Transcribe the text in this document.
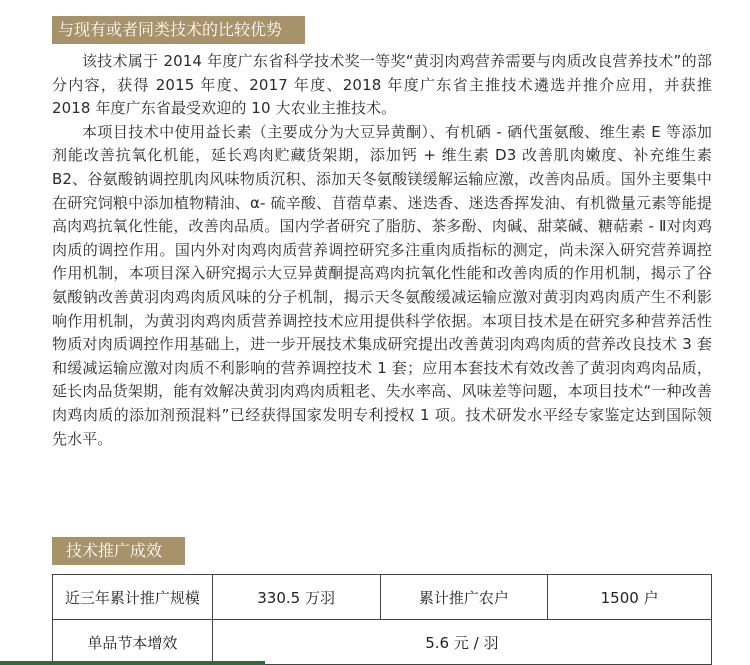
与现有或者同类技术的比较优势

该技术属于 2014 年度广东省科学技术奖一等奖“黄羽肉鸡营养需要与肉质改良营养技术”的部分内容，获得 2015 年度、2017 年度、2018 年度广东省主推技术遴选并推介应用，并获推 2018 年度广东省最受欢迎的 10 大农业主推技术。

本项目技术中使用益长素（主要成分为大豆异黄酮）、有机硒 - 硒代蛋氨酸、维生素 E 等添加剂能改善抗氧化机能，延长鸡肉贮藏货架期，添加钙 + 维生素 D3 改善肌肉嫩度、补充维生素 B2、谷氨酸钠调控肌肉风味物质沉积、添加天冬氨酸镁缓解运输应激，改善肉品质。国外主要集中在研究饲粮中添加植物精油、α- 硫辛酸、苜蓿草素、迷迭香、迷迭香挥发油、有机微量元素等能提高肉鸡抗氧化性能，改善肉品质。国内学者研究了脂肪、茶多酚、肉碱、甜菜碱、糖萜素 - Ⅱ对肉鸡肉质的调控作用。国内外对肉鸡肉质营养调控研究多注重肉质指标的测定，尚未深入研究营养调控作用机制，本项目深入研究揭示大豆异黄酮提高鸡肉抗氧化性能和改善肉质的作用机制，揭示了谷氨酸钠改善黄羽肉鸡肉质风味的分子机制，揭示天冬氨酸缓减运输应激对黄羽肉鸡肉质产生不利影响作用机制，为黄羽肉鸡肉质营养调控技术应用提供科学依据。本项目技术是在研究多种营养活性物质对肉质调控作用基础上，进一步开展技术集成研究提出改善黄羽肉鸡肉质的营养改良技术 3 套和缓减运输应激对肉质不利影响的营养调控技术 1 套；应用本套技术有效改善了黄羽肉鸡肉品质，延长肉品货架期，能有效解决黄羽肉鸡肉质粗老、失水率高、风味差等问题，本项目技术“一种改善肉鸡肉质的添加剂预混料”已经获得国家发明专利授权 1 项。技术研发水平经专家鉴定达到国际领先水平。

技术推广成效
近三年累计推广规模	330.5 万羽	累计推广农户	1500 户
单品节本增效	5.6 元 / 羽		
